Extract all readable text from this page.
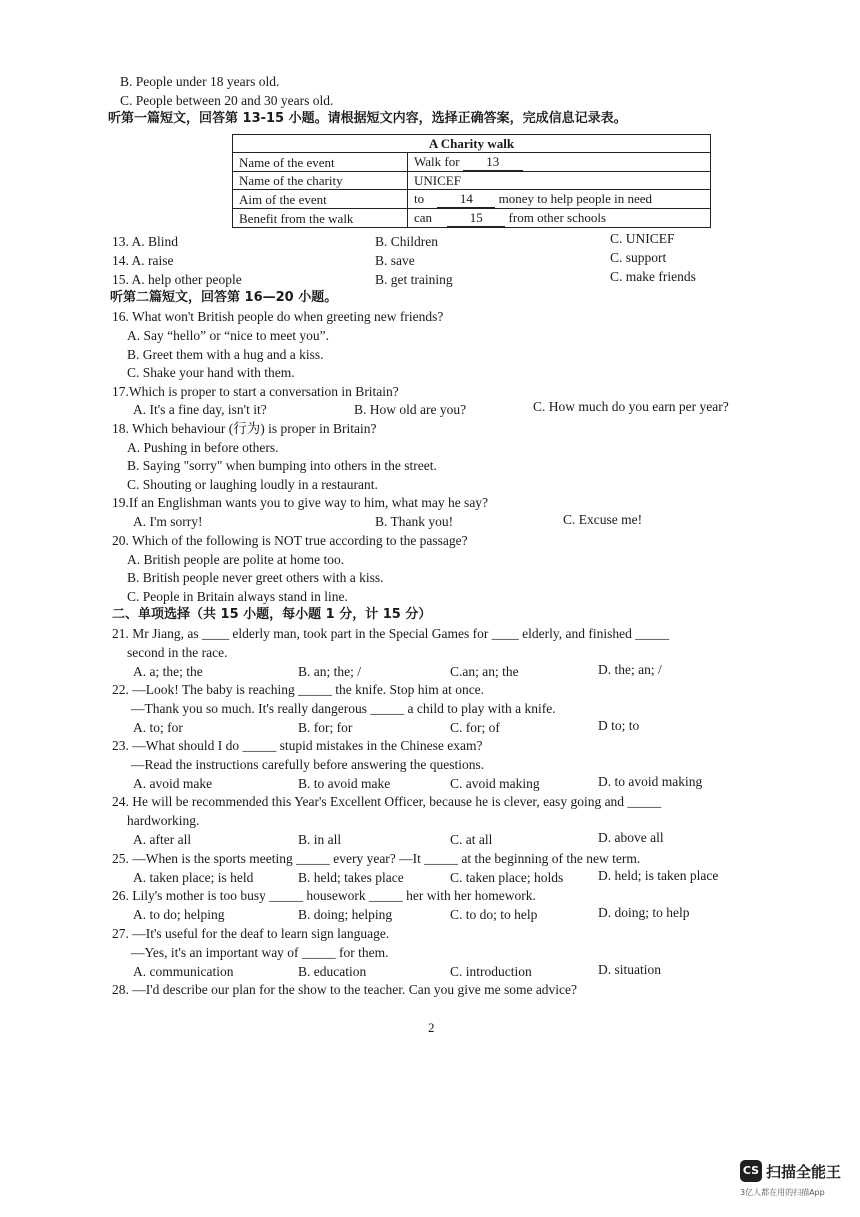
B. People under 18 years old.
C. People between 20 and 30 years old.
听第一篇短文，回答第 13-15 小题。请根据短文内容，选择正确答案，完成信息记录表。
13. A. Blind	B. Children	C. UNICEF
14. A. raise	B. save	C. support
15. A. help other people	B. get training	C. make friends
听第二篇短文，回答第 16—20 小题。
16. What won't British people do when greeting new friends?
A. Say “hello” or “nice to meet you”.
B. Greet them with a hug and a kiss.
C. Shake your hand with them.
17.Which is proper to start a conversation in Britain?
A. It's a fine day, isn't it?	B. How old are you?	C. How much do you earn per year?
18. Which behaviour (行为) is proper in Britain?
A. Pushing in before others.
B. Saying "sorry" when bumping into others in the street.
C. Shouting or laughing loudly in a restaurant.
19.If an Englishman wants you to give way to him, what may he say?
A. I'm sorry!	B. Thank you!	C. Excuse me!
20. Which of the following is NOT true according to the passage?
A. British people are polite at home too.
B. British people never greet others with a kiss.
C. People in Britain always stand in line.
二、单项选择（共 15 小题，每小题 1 分，计 15 分）
21. Mr Jiang, as ____ elderly man, took part in the Special Games for ____ elderly, and finished _____
second in the race.
A. a; the; the	B. an; the; /	C.an; an; the	D. the; an; /
22. —Look! The baby is reaching _____ the knife. Stop him at once.
—Thank you so much. It's really dangerous _____ a child to play with a knife.
A. to; for	B. for; for	C. for; of	D to; to
23. —What should I do _____ stupid mistakes in the Chinese exam?
—Read the instructions carefully before answering the questions.
A. avoid make	B. to avoid make	C. avoid making	D. to avoid making
24. He will be recommended this Year's Excellent Officer, because he is clever, easy going and _____
hardworking.
A. after all	B. in all	C. at all	D. above all
25. —When is the sports meeting _____ every year? —It _____ at the beginning of the new term.
A. taken place; is held	B. held; takes place	C. taken place; holds	D. held; is taken place
26. Lily's mother is too busy _____ housework _____ her with her homework.
A. to do; helping	B. doing; helping	C. to do; to help	D. doing; to help
27. —It's useful for the deaf to learn sign language.
—Yes, it's an important way of _____ for them.
A. communication	B. education	C. introduction	D. situation
28. —I'd describe our plan for the show to the teacher. Can you give me some advice?
A Charity walk	
Name of the event	Walk for 13
Name of the charity	UNICEF
Aim of the event	to 14 money to help people in need
Benefit from the walk	can 15 from other schools
2
CS 扫描全能王
3亿人都在用的扫描App
